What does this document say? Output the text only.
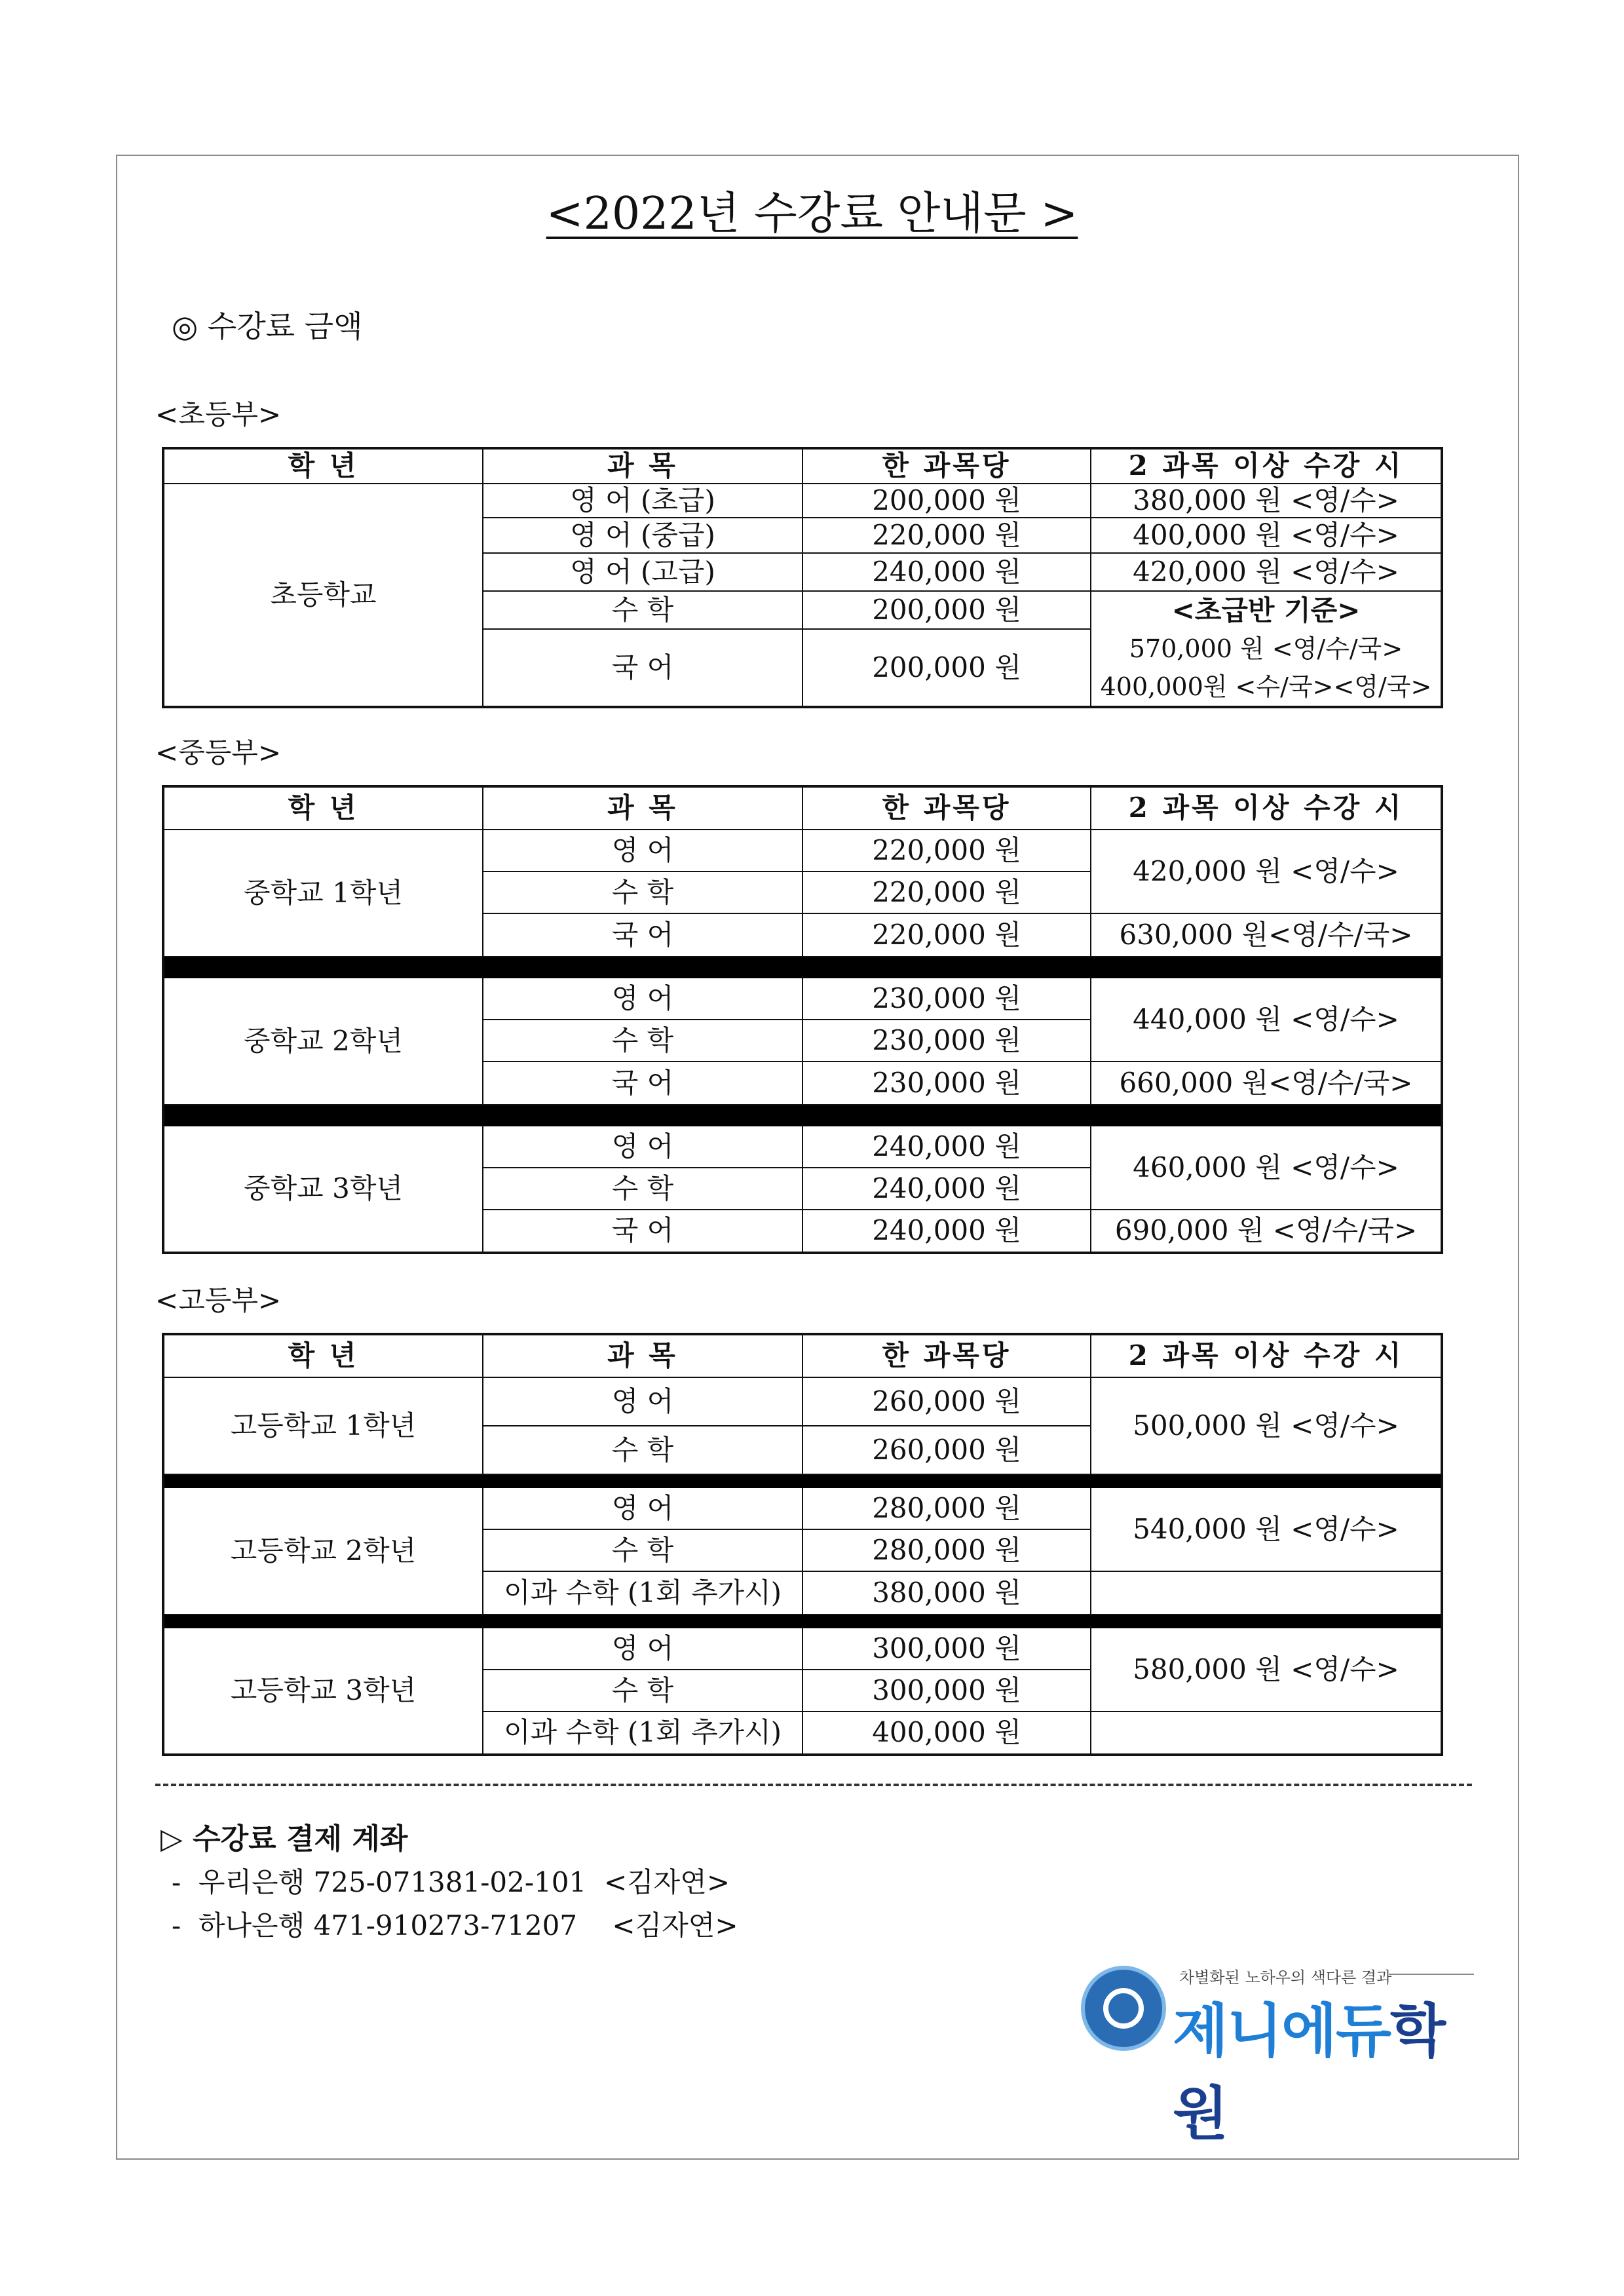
<2022년 수강료 안내문 >
◎ 수강료 금액
<초등부>
학 년	과 목	한 과목당	2 과목 이상 수강 시
초등학교	영 어 (초급)	200,000 원	380,000 원 <영/수>
	영 어 (중급)	220,000 원	400,000 원 <영/수>
	영 어 (고급)	240,000 원	420,000 원 <영/수>
	수 학	200,000 원	<초급반 기준>
570,000 원 <영/수/국>
400,000원 <수/국><영/국>

	국 어	200,000 원	
<중등부>
학 년	과 목	한 과목당	2 과목 이상 수강 시
중학교 1학년	영 어	220,000 원	420,000 원 <영/수>
	수 학	220,000 원	
	국 어	220,000 원	630,000 원<영/수/국>

중학교 2학년	영 어	230,000 원	440,000 원 <영/수>
	수 학	230,000 원	
	국 어	230,000 원	660,000 원<영/수/국>

중학교 3학년	영 어	240,000 원	460,000 원 <영/수>
	수 학	240,000 원	
	국 어	240,000 원	690,000 원 <영/수/국>
<고등부>
학 년	과 목	한 과목당	2 과목 이상 수강 시
고등학교 1학년	영 어	260,000 원	500,000 원 <영/수>
	수 학	260,000 원	

고등학교 2학년	영 어	280,000 원	540,000 원 <영/수>
	수 학	280,000 원	
	이과 수학 (1회 추가시)	380,000 원	

고등학교 3학년	영 어	300,000 원	580,000 원 <영/수>
	수 학	300,000 원	
	이과 수학 (1회 추가시)	400,000 원	
▷ 수강료 결제 계좌
-  우리은행 725-071381-02-101  <김자연>
-  하나은행 471-910273-71207    <김자연>
차별화된 노하우의 색다른 결과
제니에듀학원
